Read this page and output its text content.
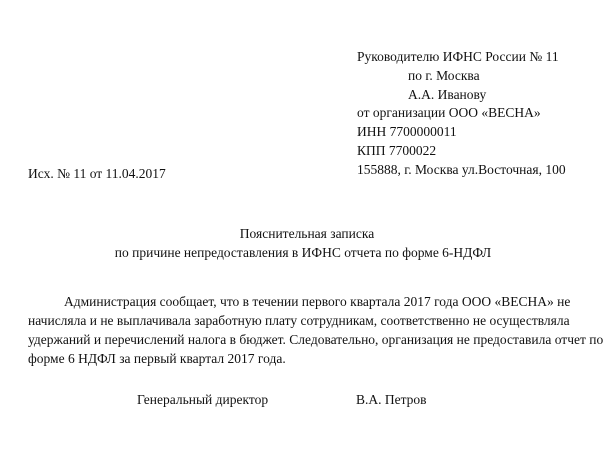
Руководителю ИФНС России № 11
по г. Москва
А.А. Иванову
от организации ООО «ВЕСНА»
ИНН 7700000011
КПП 7700022
155888, г. Москва ул.Восточная, 100
Исх. № 11 от 11.04.2017
Пояснительная записка
по причине непредоставления в ИФНС отчета по форме 6-НДФЛ
Администрация сообщает, что в течении первого квартала 2017 года ООО «ВЕСНА» не
начисляла и не выплачивала заработную плату сотрудникам, соответственно не осуществляла
удержаний и перечислений налога в бюджет. Следовательно, организация не предоставила отчет по
форме 6 НДФЛ за первый квартал 2017 года.
Генеральный директор	В.А. Петров
